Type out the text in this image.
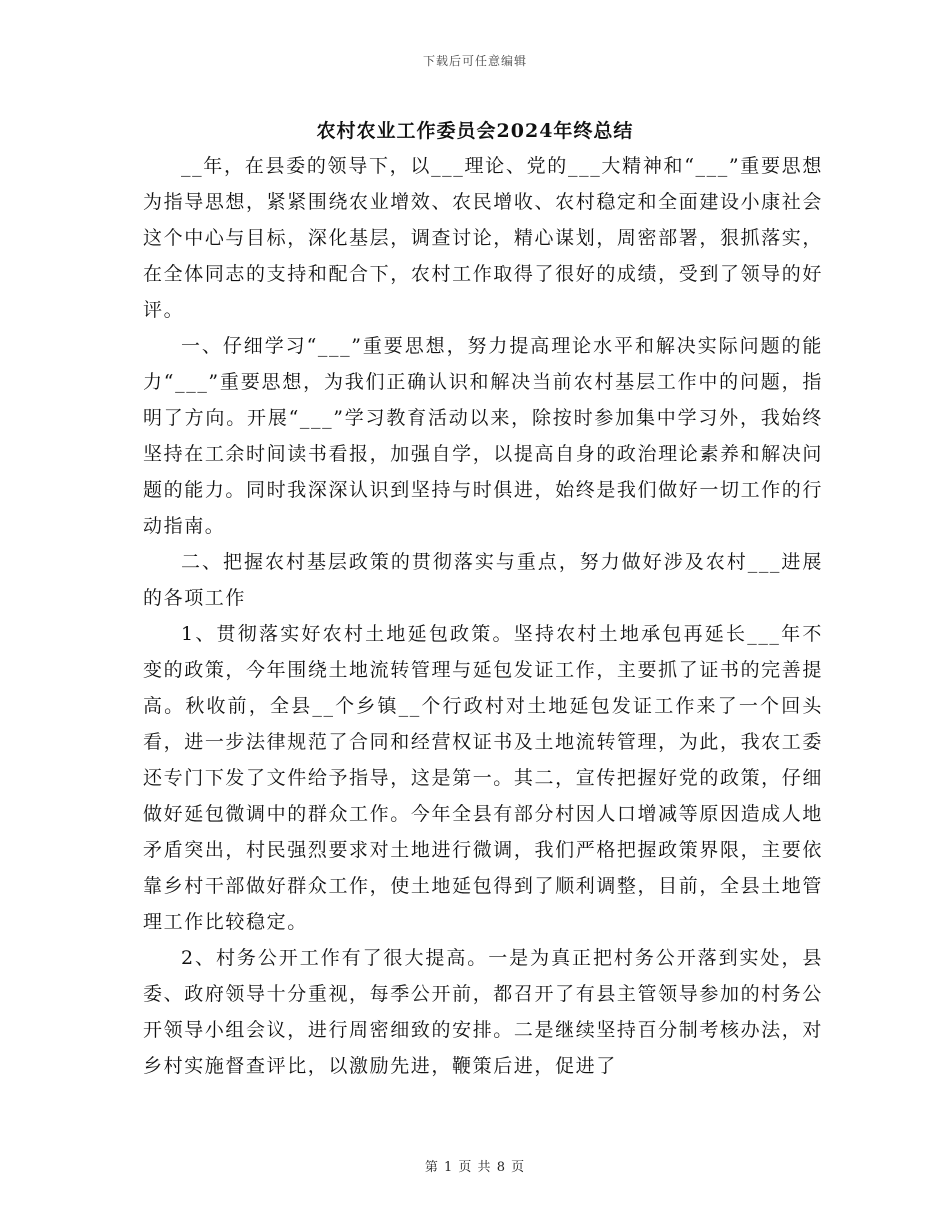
下载后可任意编辑
农村农业工作委员会2024年终总结

__年，在县委的领导下，以___理论、党的___大精神和“___”重要思想为指导思想，紧紧围绕农业增效、农民增收、农村稳定和全面建设小康社会这个中心与目标，深化基层，调查讨论，精心谋划，周密部署，狠抓落实，在全体同志的支持和配合下，农村工作取得了很好的成绩，受到了领导的好评。

一、仔细学习“___”重要思想，努力提高理论水平和解决实际问题的能力“___”重要思想，为我们正确认识和解决当前农村基层工作中的问题，指明了方向。开展“___”学习教育活动以来，除按时参加集中学习外，我始终坚持在工余时间读书看报，加强自学，以提高自身的政治理论素养和解决问题的能力。同时我深深认识到坚持与时俱进，始终是我们做好一切工作的行动指南。

二、把握农村基层政策的贯彻落实与重点，努力做好涉及农村___进展的各项工作

1、贯彻落实好农村土地延包政策。坚持农村土地承包再延长___年不变的政策，今年围绕土地流转管理与延包发证工作，主要抓了证书的完善提高。秋收前，全县__个乡镇__个行政村对土地延包发证工作来了一个回头看，进一步法律规范了合同和经营权证书及土地流转管理，为此，我农工委还专门下发了文件给予指导，这是第一。其二，宣传把握好党的政策，仔细做好延包微调中的群众工作。今年全县有部分村因人口增减等原因造成人地矛盾突出，村民强烈要求对土地进行微调，我们严格把握政策界限，主要依靠乡村干部做好群众工作，使土地延包得到了顺利调整，目前，全县土地管理工作比较稳定。

2、村务公开工作有了很大提高。一是为真正把村务公开落到实处，县委、政府领导十分重视，每季公开前，都召开了有县主管领导参加的村务公开领导小组会议，进行周密细致的安排。二是继续坚持百分制考核办法，对乡村实施督查评比，以激励先进，鞭策后进，促进了

第 1 页 共 8 页
